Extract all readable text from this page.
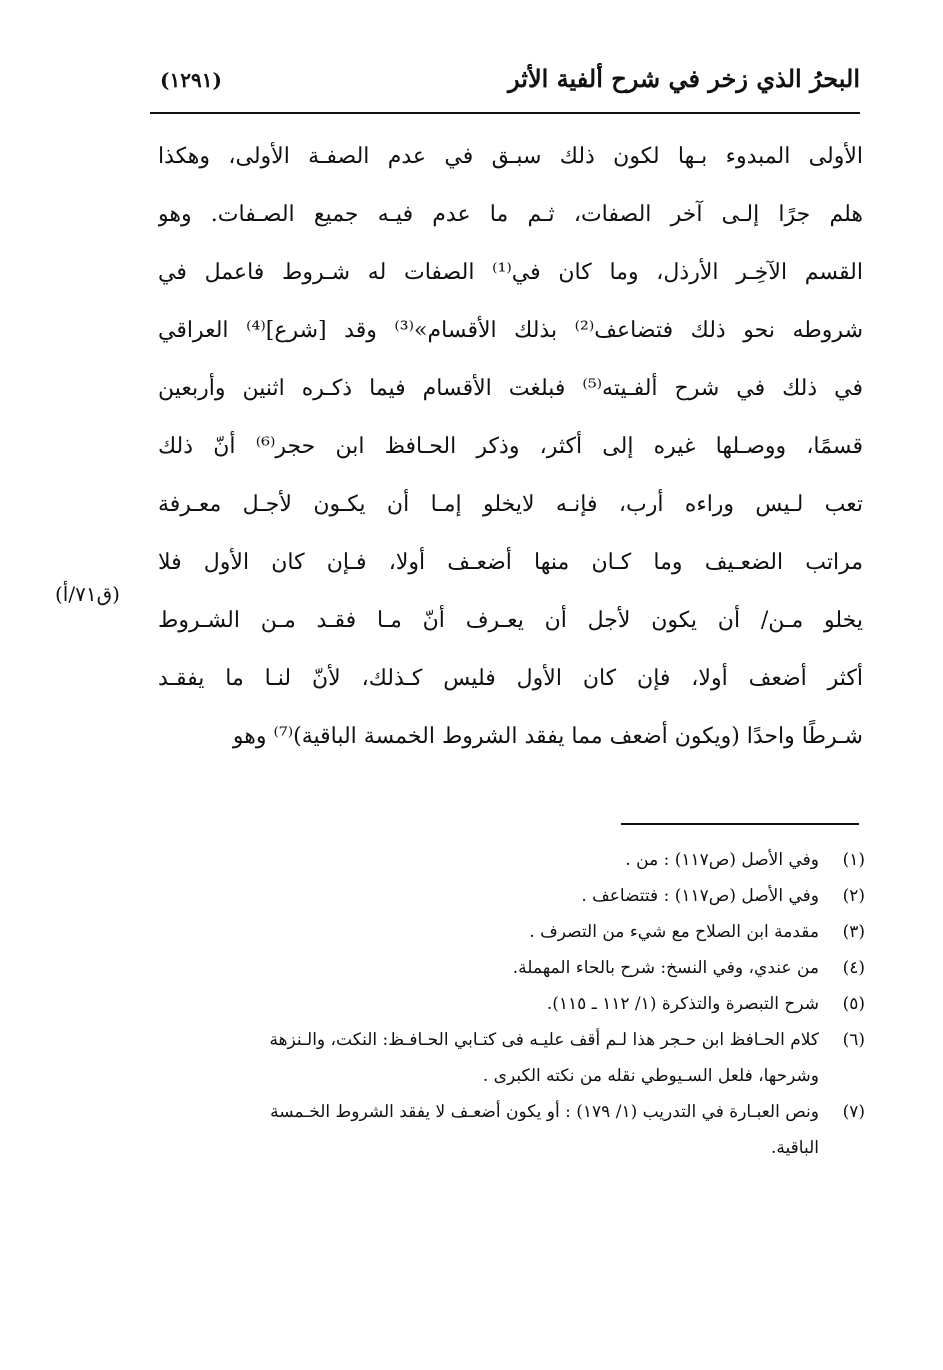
البحرُ الذي زخر في شرح ألفية الأثر
(١٢٩١)
الأولى المبدوء بـها لكون ذلك سبـق في عدم الصفـة الأولى، وهكذا
هلم جرًا إلـى آخر الصفات، ثـم ما عدم فيـه جميع الصـفات. وهو
القسم الآخِـر الأرذل، وما كان في⁽¹⁾ الصفات له شـروط فاعمل في
شروطه نحو ذلك فتضاعف⁽²⁾ بذلك الأقسام»⁽³⁾ وقد [شرع]⁽⁴⁾ العراقي
في ذلك في شرح ألفـيته⁽⁵⁾ فبلغت الأقسام فيما ذكـره اثنين وأربعين
قسمًا، ووصـلها غيره إلى أكثر، وذكر الحـافظ ابن حجر⁽⁶⁾ أنّ ذلك
تعب لـيس وراءه أرب، فإنـه لايخلو إمـا أن يكـون لأجـل معـرفة
مراتب الضعـيف وما كـان منها أضعـف أولا، فـإن كان الأول فلا
يخلو مـن/ أن يكون لأجل أن يعـرف أنّ مـا فقـد مـن الشـروط
أكثر أضعف أولا، فإن كان الأول فليس كـذلك، لأنّ لنـا ما يفقـد
شـرطًا واحدًا (ويكون أضعف مما يفقد الشروط الخمسة الباقية)⁽⁷⁾ وهو
(ق٧١/أ)
(١)
وفي الأصل (ص١١٧) : من .
(٢)
وفي الأصل (ص١١٧) : فتتضاعف .
(٣)
مقدمة ابن الصلاح مع شيء من التصرف .
(٤)
من عندي، وفي النسخ: شرح بالحاء المهملة.
(٥)
شرح التبصرة والتذكرة (١/ ١١٢ ـ ١١٥).
(٦)
كلام الحـافظ ابن حـجر هذا لـم أقف عليـه فى كتـابي الحـافـظ: النكت، والـنزهة
وشرحها، فلعل السـيوطي نقله من نكته الكبرى .
(٧)
ونص العبـارة في التدريب (١/ ١٧٩) : أو يكون أضعـف لا يفقد الشروط الخـمسة
الباقية.
